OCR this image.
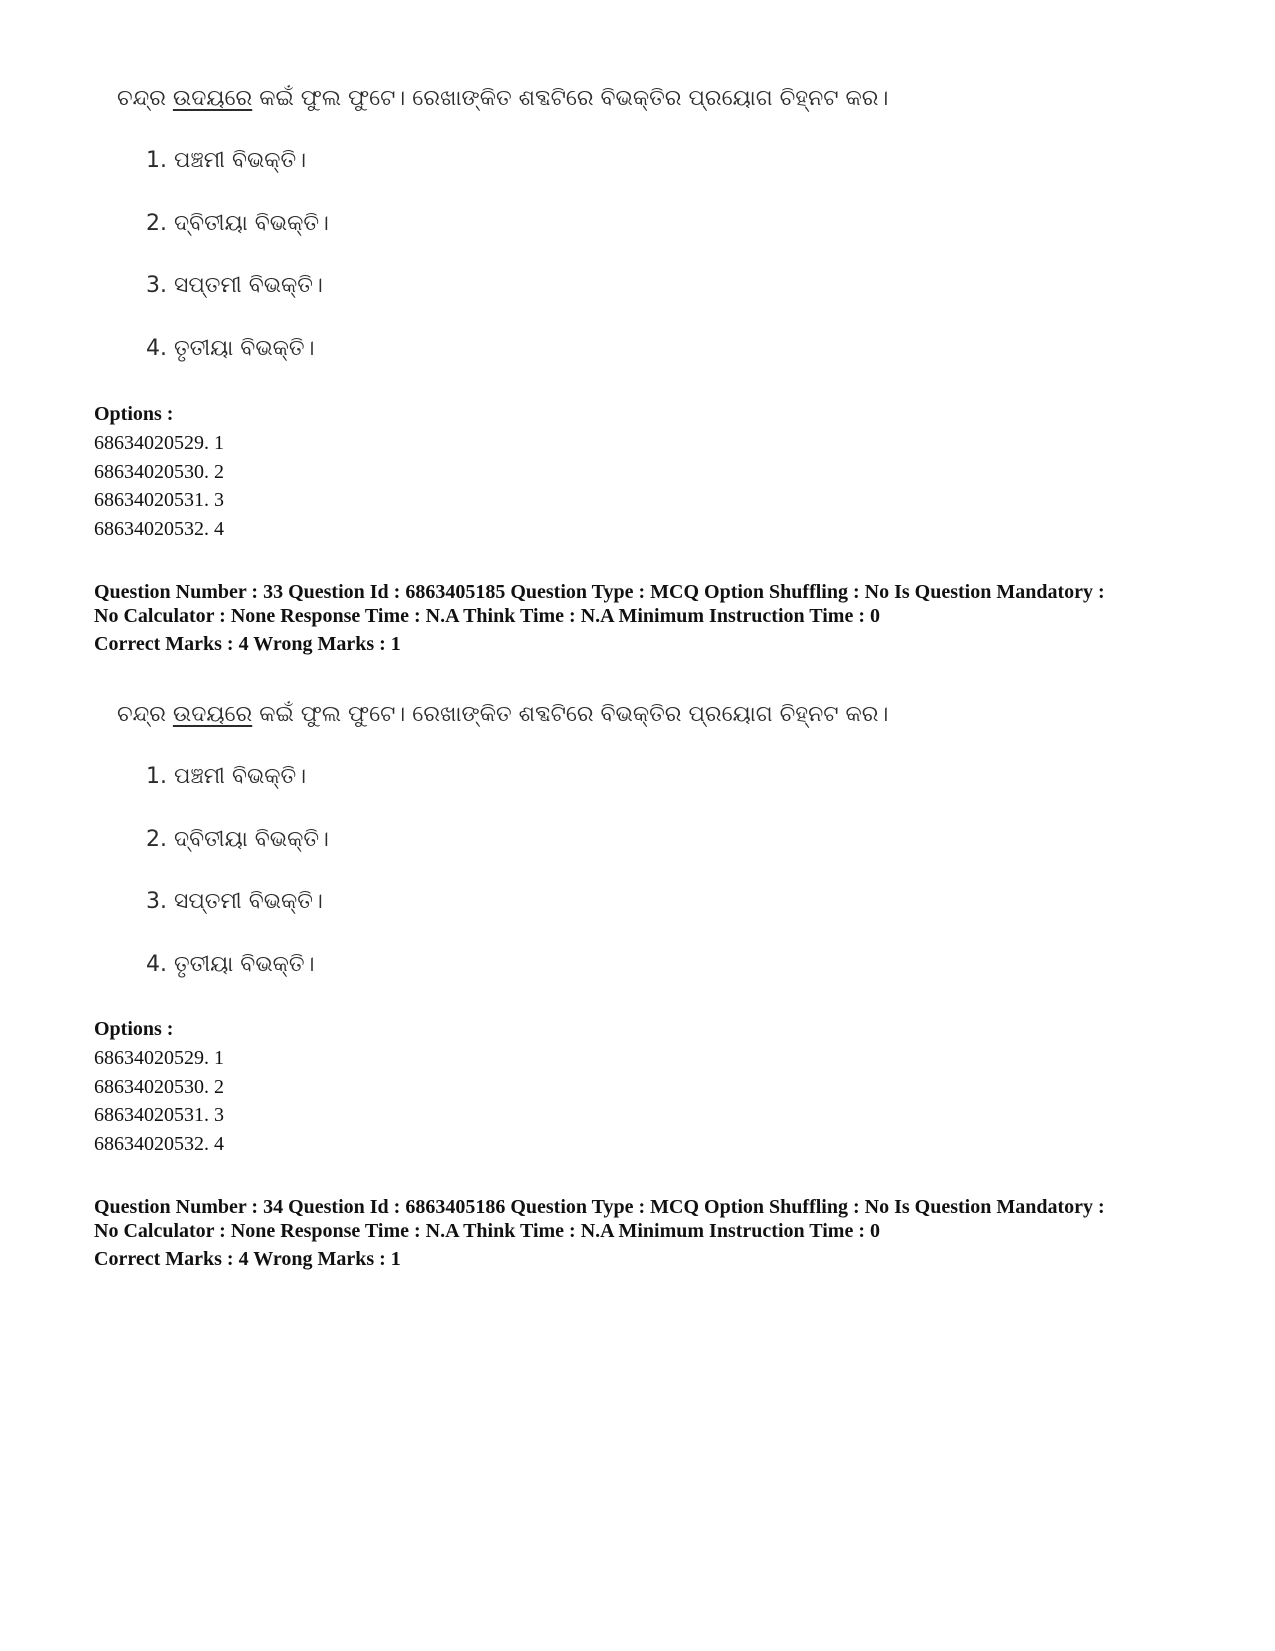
ଚନ୍ଦ୍ର ଉଦୟରେ କଇଁ ଫୁଲ ଫୁଟେ। ରେଖାଙ୍କିତ ଶବ୍ଦଟିରେ ବିଭକ୍ତିର ପ୍ରୟୋଗ ଚିହ୍ନଟ କର।
1. ପଞ୍ଚମୀ ବିଭକ୍ତି।
2. ଦ୍ବିତୀୟା ବିଭକ୍ତି।
3. ସପ୍ତମୀ ବିଭକ୍ତି।
4. ତୃତୀୟା ବିଭକ୍ତି।
Options :
68634020529. 1
68634020530. 2
68634020531. 3
68634020532. 4
Question Number : 33 Question Id : 6863405185 Question Type : MCQ Option Shuffling : No Is Question Mandatory :
No Calculator : None Response Time : N.A Think Time : N.A Minimum Instruction Time : 0
Correct Marks : 4 Wrong Marks : 1
ଚନ୍ଦ୍ର ଉଦୟରେ କଇଁ ଫୁଲ ଫୁଟେ। ରେଖାଙ୍କିତ ଶବ୍ଦଟିରେ ବିଭକ୍ତିର ପ୍ରୟୋଗ ଚିହ୍ନଟ କର।
1. ପଞ୍ଚମୀ ବିଭକ୍ତି।
2. ଦ୍ବିତୀୟା ବିଭକ୍ତି।
3. ସପ୍ତମୀ ବିଭକ୍ତି।
4. ତୃତୀୟା ବିଭକ୍ତି।
Options :
68634020529. 1
68634020530. 2
68634020531. 3
68634020532. 4
Question Number : 34 Question Id : 6863405186 Question Type : MCQ Option Shuffling : No Is Question Mandatory :
No Calculator : None Response Time : N.A Think Time : N.A Minimum Instruction Time : 0
Correct Marks : 4 Wrong Marks : 1
